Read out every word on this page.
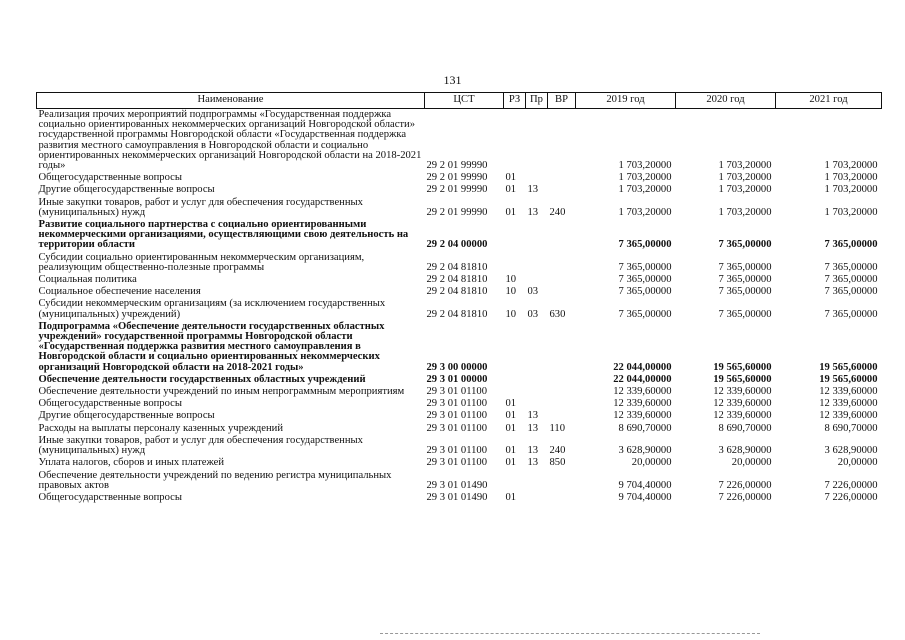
131
Наименование	ЦСТ	РЗ	Пр	ВР	2019 год	2020 год	2021 год
Реализация прочих мероприятий подпрограммы «Государственная поддержка социально ориентированных некоммерческих организаций Новгородской области» государственной программы Новгородской области «Государственная поддержка развития местного самоуправления в Новгородской области и социально ориентированных некоммерческих организаций Новгородской области на 2018-2021 годы»	29 2 01 99990				1 703,20000	1 703,20000	1 703,20000
Общегосударственные вопросы	29 2 01 99990	01			1 703,20000	1 703,20000	1 703,20000
Другие общегосударственные вопросы	29 2 01 99990	01	13		1 703,20000	1 703,20000	1 703,20000
Иные закупки товаров, работ и услуг для обеспечения государственных (муниципальных) нужд	29 2 01 99990	01	13	240	1 703,20000	1 703,20000	1 703,20000
Развитие социального партнерства с социально ориентированными некоммерческими организациями, осуществляющими свою деятельность на территории области	29 2 04 00000				7 365,00000	7 365,00000	7 365,00000
Субсидии социально ориентированным некоммерческим организациям, реализующим общественно-полезные программы	29 2 04 81810				7 365,00000	7 365,00000	7 365,00000
Социальная политика	29 2 04 81810	10			7 365,00000	7 365,00000	7 365,00000
Социальное обеспечение населения	29 2 04 81810	10	03		7 365,00000	7 365,00000	7 365,00000
Субсидии некоммерческим организациям (за исключением государственных (муниципальных) учреждений)	29 2 04 81810	10	03	630	7 365,00000	7 365,00000	7 365,00000
Подпрограмма «Обеспечение деятельности государственных областных учреждений» государственной программы Новгородской области «Государственная поддержка развития местного самоуправления в Новгородской области и социально ориентированных некоммерческих организаций Новгородской области на 2018-2021 годы»	29 3 00 00000				22 044,00000	19 565,60000	19 565,60000
Обеспечение деятельности государственных областных учреждений	29 3 01 00000				22 044,00000	19 565,60000	19 565,60000
Обеспечение деятельности учреждений по иным непрограммным мероприятиям	29 3 01 01100				12 339,60000	12 339,60000	12 339,60000
Общегосударственные вопросы	29 3 01 01100	01			12 339,60000	12 339,60000	12 339,60000
Другие общегосударственные вопросы	29 3 01 01100	01	13		12 339,60000	12 339,60000	12 339,60000
Расходы на выплаты персоналу казенных учреждений	29 3 01 01100	01	13	110	8 690,70000	8 690,70000	8 690,70000
Иные закупки товаров, работ и услуг для обеспечения государственных (муниципальных) нужд	29 3 01 01100	01	13	240	3 628,90000	3 628,90000	3 628,90000
Уплата налогов, сборов и иных платежей	29 3 01 01100	01	13	850	20,00000	20,00000	20,00000
Обеспечение деятельности учреждений по ведению регистра муниципальных правовых актов	29 3 01 01490				9 704,40000	7 226,00000	7 226,00000
Общегосударственные вопросы	29 3 01 01490	01			9 704,40000	7 226,00000	7 226,00000
